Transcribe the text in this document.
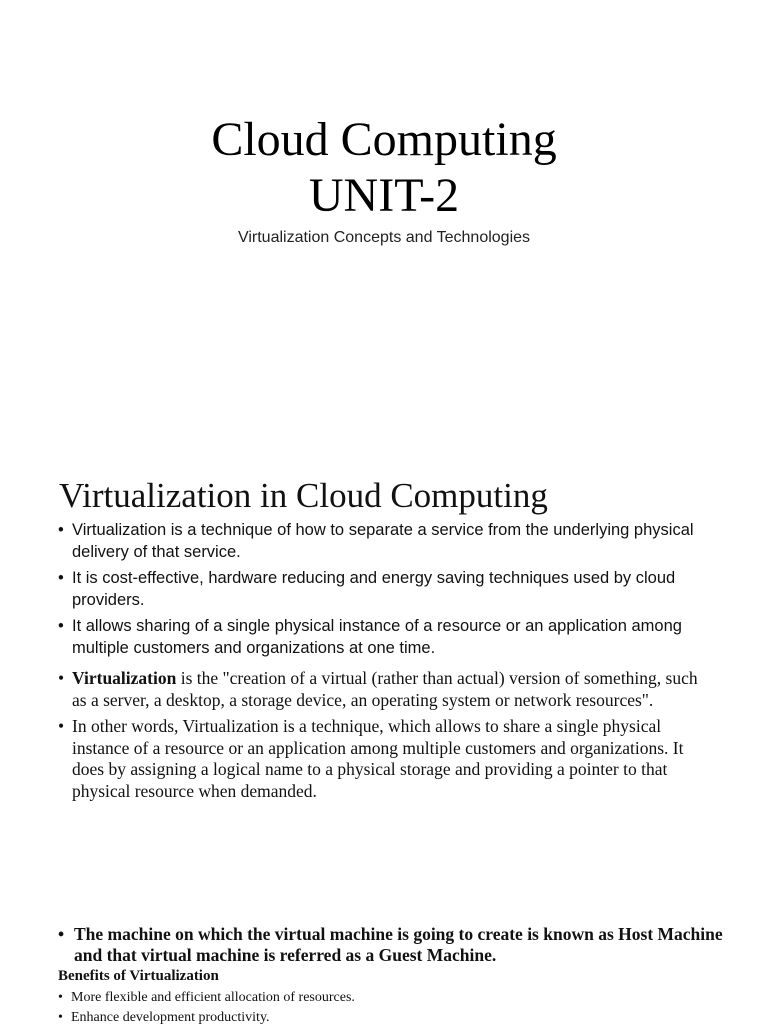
Cloud Computing
UNIT-2
Virtualization Concepts and Technologies
Virtualization in Cloud Computing
• Virtualization is a technique of how to separate a service from the underlying physical delivery of that service.
• It is cost-effective, hardware reducing and energy saving techniques used by cloud providers.
• It allows sharing of a single physical instance of a resource or an application among multiple customers and organizations at one time.
• Virtualization is the "creation of a virtual (rather than actual) version of something, such as a server, a desktop, a storage device, an operating system or network resources".
• In other words, Virtualization is a technique, which allows to share a single physical instance of a resource or an application among multiple customers and organizations. It does by assigning a logical name to a physical storage and providing a pointer to that physical resource when demanded.
• The machine on which the virtual machine is going to create is known as Host Machine and that virtual machine is referred as a Guest Machine.
Benefits of Virtualization
• More flexible and efficient allocation of resources.
• Enhance development productivity.
